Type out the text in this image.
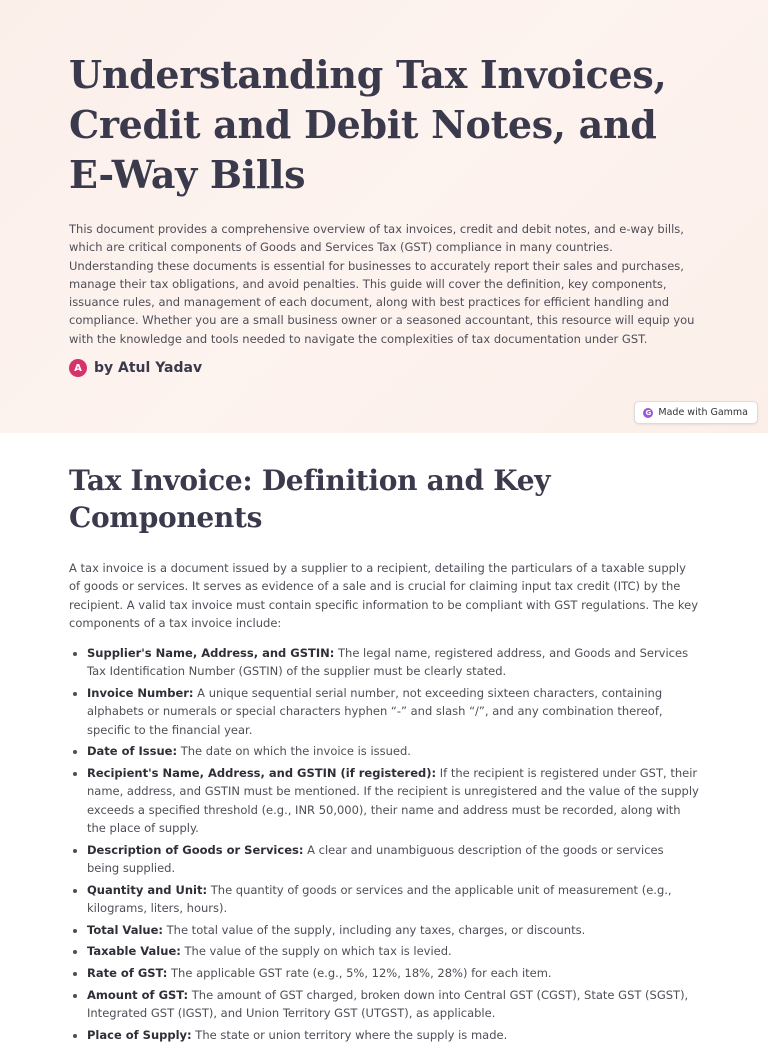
Understanding Tax Invoices, Credit and Debit Notes, and E-Way Bills

This document provides a comprehensive overview of tax invoices, credit and debit notes, and e-way bills, which are critical components of Goods and Services Tax (GST) compliance in many countries. Understanding these documents is essential for businesses to accurately report their sales and purchases, manage their tax obligations, and avoid penalties. This guide will cover the definition, key components, issuance rules, and management of each document, along with best practices for efficient handling and compliance. Whether you are a small business owner or a seasoned accountant, this resource will equip you with the knowledge and tools needed to navigate the complexities of tax documentation under GST.

A by Atul Yadav
G Made with Gamma
Tax Invoice: Definition and Key Components

A tax invoice is a document issued by a supplier to a recipient, detailing the particulars of a taxable supply of goods or services. It serves as evidence of a sale and is crucial for claiming input tax credit (ITC) by the recipient. A valid tax invoice must contain specific information to be compliant with GST regulations. The key components of a tax invoice include:

• Supplier's Name, Address, and GSTIN: The legal name, registered address, and Goods and Services Tax Identification Number (GSTIN) of the supplier must be clearly stated.
• Invoice Number: A unique sequential serial number, not exceeding sixteen characters, containing alphabets or numerals or special characters hyphen “-” and slash “/”, and any combination thereof, specific to the financial year.
• Date of Issue: The date on which the invoice is issued.
• Recipient's Name, Address, and GSTIN (if registered): If the recipient is registered under GST, their name, address, and GSTIN must be mentioned. If the recipient is unregistered and the value of the supply exceeds a specified threshold (e.g., INR 50,000), their name and address must be recorded, along with the place of supply.
• Description of Goods or Services: A clear and unambiguous description of the goods or services being supplied.
• Quantity and Unit: The quantity of goods or services and the applicable unit of measurement (e.g., kilograms, liters, hours).
• Total Value: The total value of the supply, including any taxes, charges, or discounts.
• Taxable Value: The value of the supply on which tax is levied.
• Rate of GST: The applicable GST rate (e.g., 5%, 12%, 18%, 28%) for each item.
• Amount of GST: The amount of GST charged, broken down into Central GST (CGST), State GST (SGST), Integrated GST (IGST), and Union Territory GST (UTGST), as applicable.
• Place of Supply: The state or union territory where the supply is made.
